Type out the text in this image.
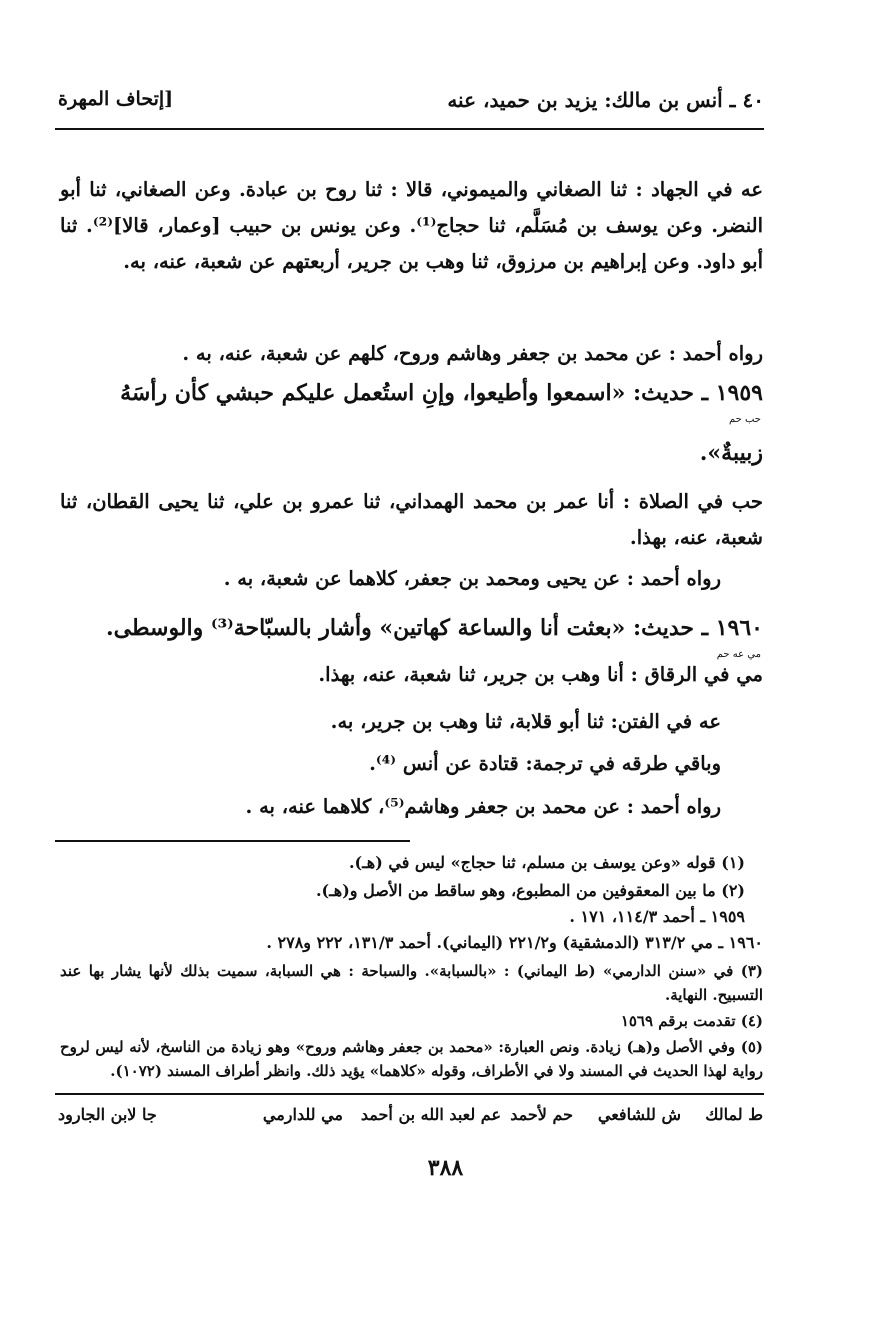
٤٠ ـ أنس بن مالك: يزيد بن حميد، عنه
[إتحاف المهرة
عه في الجهاد : ثنا الصغاني والميموني، قالا : ثنا روح بن عبادة. وعن الصغاني، ثنا أبو النضر. وعن يوسف بن مُسَلَّم، ثنا حجاج⁽¹⁾. وعن يونس بن حبيب [وعمار، قالا]⁽²⁾. ثنا أبو داود. وعن إبراهيم بن مرزوق، ثنا وهب بن جرير، أربعتهم عن شعبة، عنه، به.
رواه أحمد : عن محمد بن جعفر وهاشم وروح، كلهم عن شعبة، عنه، به .
١٩٥٩ ـ حديث: «اسمعوا وأطيعوا، وإنِ استُعمل عليكم حبشي كأن رأسَهُ
حب حم
زبيبةٌ».
حب في الصلاة : أنا عمر بن محمد الهمداني، ثنا عمرو بن علي، ثنا يحيى القطان، ثنا شعبة، عنه، بهذا.
رواه أحمد : عن يحيى ومحمد بن جعفر، كلاهما عن شعبة، به .
١٩٦٠ ـ حديث: «بعثت أنا والساعة كهاتين» وأشار بالسبّاحة⁽³⁾ والوسطى.
مي عه حم
مي في الرقاق : أنا وهب بن جرير، ثنا شعبة، عنه، بهذا.
عه في الفتن: ثنا أبو قلابة، ثنا وهب بن جرير، به.
وباقي طرقه في ترجمة: قتادة عن أنس ⁽⁴⁾.
رواه أحمد : عن محمد بن جعفر وهاشم⁽⁵⁾، كلاهما عنه، به .
(١) قوله «وعن يوسف بن مسلم، ثنا حجاج» ليس في (هـ).
(٢) ما بين المعقوفين من المطبوع، وهو ساقط من الأصل و(هـ).
١٩٥٩ ـ أحمد ١١٤/٣، ١٧١ .
١٩٦٠ ـ مي ٣١٣/٢ (الدمشقية) و٢٢١/٢ (اليماني). أحمد ١٣١/٣، ٢٢٢ و٢٧٨ .
(٣) في «سنن الدارمي» (ط اليماني) : «بالسبابة». والسباحة : هي السبابة، سميت بذلك لأنها يشار بها عند التسبيح. النهاية.
(٤) تقدمت برقم ١٥٦٩
(٥) وفي الأصل و(هـ) زيادة. ونص العبارة: «محمد بن جعفر وهاشم وروح» وهو زيادة من الناسخ، لأنه ليس لروح رواية لهذا الحديث في المسند ولا في الأطراف، وقوله «كلاهما» يؤيد ذلك. وانظر أطراف المسند (١٠٧٢).
ط لمالك
ش للشافعي
حم لأحمد
عم لعبد الله بن أحمد
مي للدارمي
جا لابن الجارود
٣٨٨
